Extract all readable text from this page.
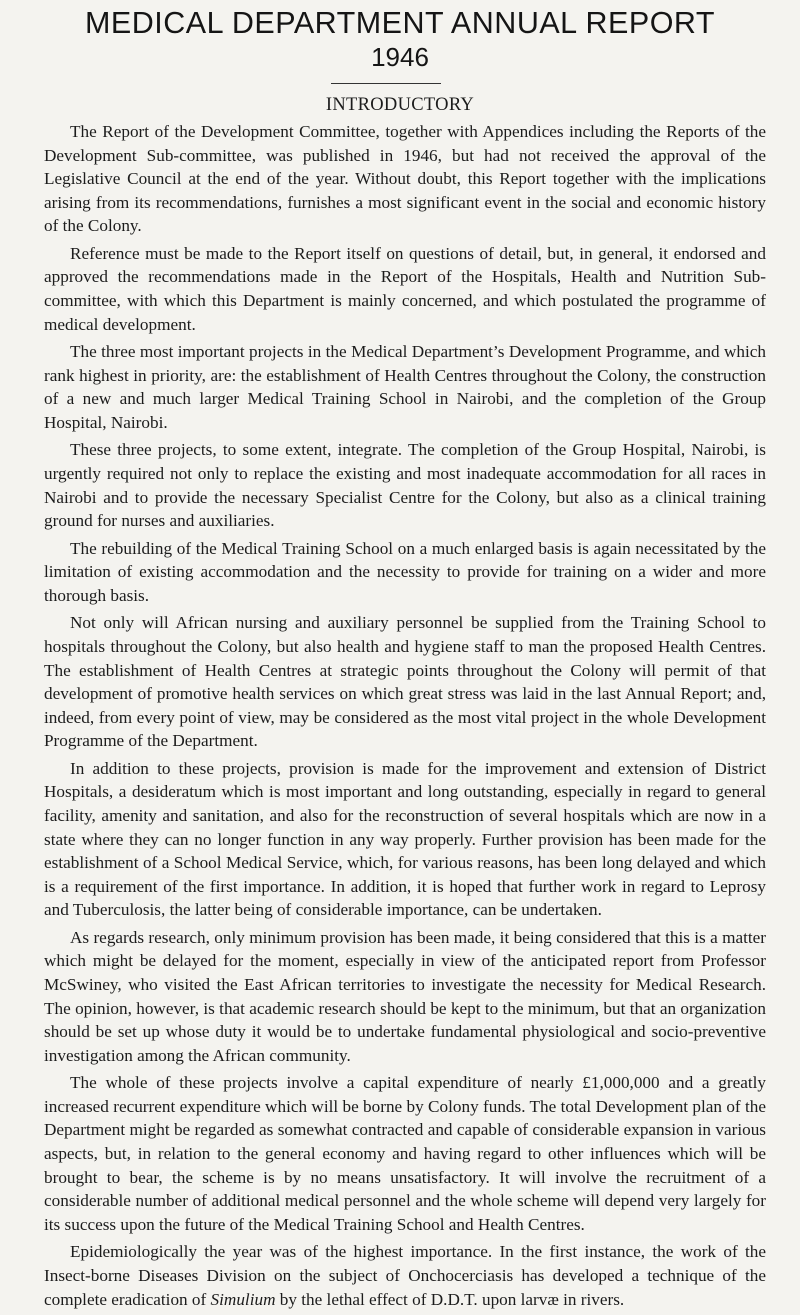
MEDICAL DEPARTMENT ANNUAL REPORT
1946
INTRODUCTORY

The Report of the Development Committee, together with Appendices including the Reports of the Development Sub-committee, was published in 1946, but had not received the approval of the Legislative Council at the end of the year. Without doubt, this Report together with the implications arising from its recommendations, furnishes a most significant event in the social and economic history of the Colony.

Reference must be made to the Report itself on questions of detail, but, in general, it endorsed and approved the recommendations made in the Report of the Hospitals, Health and Nutrition Sub-committee, with which this Department is mainly concerned, and which postulated the programme of medical development.

The three most important projects in the Medical Department’s Development Programme, and which rank highest in priority, are: the establishment of Health Centres throughout the Colony, the construction of a new and much larger Medical Training School in Nairobi, and the completion of the Group Hospital, Nairobi.

These three projects, to some extent, integrate. The completion of the Group Hospital, Nairobi, is urgently required not only to replace the existing and most inadequate accommodation for all races in Nairobi and to provide the necessary Specialist Centre for the Colony, but also as a clinical training ground for nurses and auxiliaries.

The rebuilding of the Medical Training School on a much enlarged basis is again necessitated by the limitation of existing accommodation and the necessity to provide for training on a wider and more thorough basis.

Not only will African nursing and auxiliary personnel be supplied from the Training School to hospitals throughout the Colony, but also health and hygiene staff to man the proposed Health Centres. The establishment of Health Centres at strategic points throughout the Colony will permit of that development of promotive health services on which great stress was laid in the last Annual Report; and, indeed, from every point of view, may be considered as the most vital project in the whole Development Programme of the Department.

In addition to these projects, provision is made for the improvement and extension of District Hospitals, a desideratum which is most important and long outstanding, especially in regard to general facility, amenity and sanitation, and also for the reconstruction of several hospitals which are now in a state where they can no longer function in any way properly. Further provision has been made for the establishment of a School Medical Service, which, for various reasons, has been long delayed and which is a requirement of the first importance. In addition, it is hoped that further work in regard to Leprosy and Tuberculosis, the latter being of considerable importance, can be undertaken.

As regards research, only minimum provision has been made, it being considered that this is a matter which might be delayed for the moment, especially in view of the anticipated report from Professor McSwiney, who visited the East African territories to investigate the necessity for Medical Research. The opinion, however, is that academic research should be kept to the minimum, but that an organization should be set up whose duty it would be to undertake fundamental physiological and socio-preventive investigation among the African community.

The whole of these projects involve a capital expenditure of nearly £1,000,000 and a greatly increased recurrent expenditure which will be borne by Colony funds. The total Development plan of the Department might be regarded as somewhat contracted and capable of considerable expansion in various aspects, but, in relation to the general economy and having regard to other influences which will be brought to bear, the scheme is by no means unsatisfactory. It will involve the recruitment of a considerable number of additional medical personnel and the whole scheme will depend very largely for its success upon the future of the Medical Training School and Health Centres.

Epidemiologically the year was of the highest importance. In the first instance, the work of the Insect-borne Diseases Division on the subject of Onchocerciasis has developed a technique of the complete eradication of Simulium by the lethal effect of D.D.T. upon larvæ in rivers.
